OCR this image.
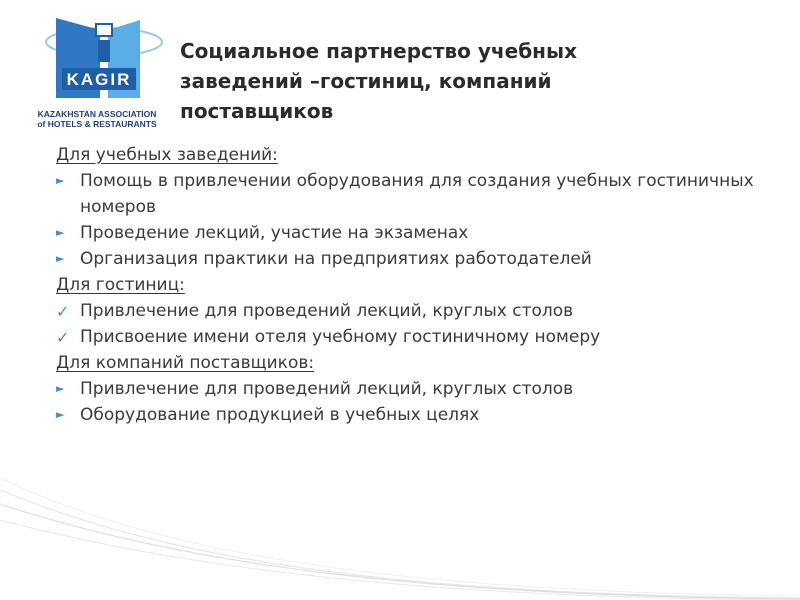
KAGIR
KAZAKHSTAN ASSOCIATION
of HOTELS & RESTAURANTS
Социальное партнерство учебных
заведений –гостиниц, компаний
поставщиков

Для учебных заведений:

► Помощь в привлечении оборудования для создания учебных гостиничных номеров

► Проведение лекций, участие на экзаменах

► Организация практики на предприятиях работодателей

Для гостиниц:

✓ Привлечение для проведений лекций, круглых столов

✓ Присвоение имени отеля учебному гостиничному номеру

Для компаний поставщиков:

► Привлечение для проведений лекций, круглых столов

► Оборудование продукцией в учебных целях
